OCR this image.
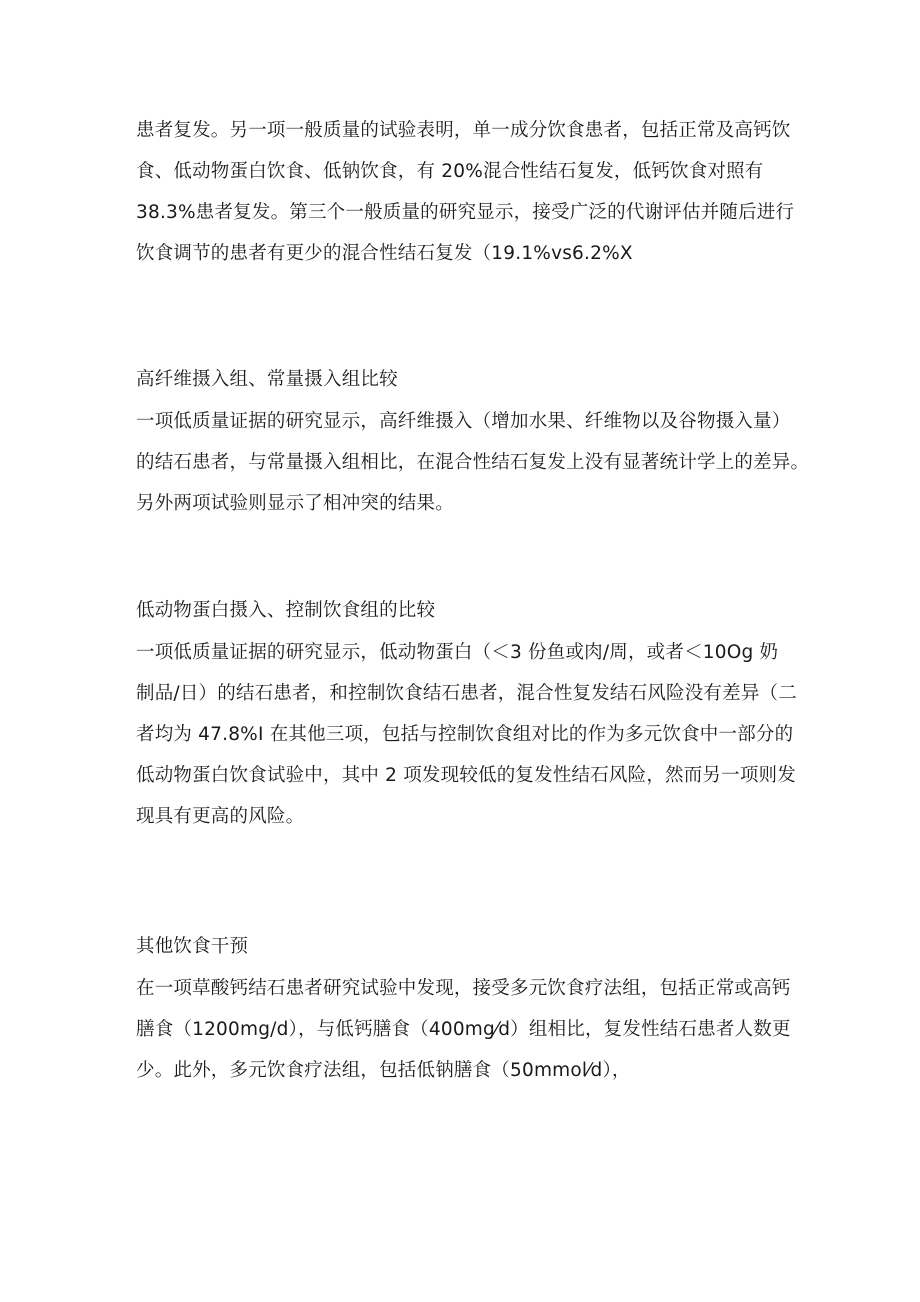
患者复发。另一项一般质量的试验表明，单一成分饮食患者，包括正常及高钙饮
食、低动物蛋白饮食、低钠饮食，有 20%混合性结石复发，低钙饮食对照有
38.3%患者复发。第三个一般质量的研究显示，接受广泛的代谢评估并随后进行
饮食调节的患者有更少的混合性结石复发（19.1%vs6.2%X
高纤维摄入组、常量摄入组比较
一项低质量证据的研究显示，高纤维摄入（增加水果、纤维物以及谷物摄入量）
的结石患者，与常量摄入组相比，在混合性结石复发上没有显著统计学上的差异。
另外两项试验则显示了相冲突的结果。
低动物蛋白摄入、控制饮食组的比较
一项低质量证据的研究显示，低动物蛋白（＜3 份鱼或肉/周，或者＜10Og 奶
制品/日）的结石患者，和控制饮食结石患者，混合性复发结石风险没有差异（二
者均为 47.8%I 在其他三项，包括与控制饮食组对比的作为多元饮食中一部分的
低动物蛋白饮食试验中，其中 2 项发现较低的复发性结石风险，然而另一项则发
现具有更高的风险。
其他饮食干预
在一项草酸钙结石患者研究试验中发现，接受多元饮食疗法组，包括正常或高钙
膳食（1200mg/d），与低钙膳食（400mg⁄d）组相比，复发性结石患者人数更
少。此外，多元饮食疗法组，包括低钠膳食（50mmol⁄d），
